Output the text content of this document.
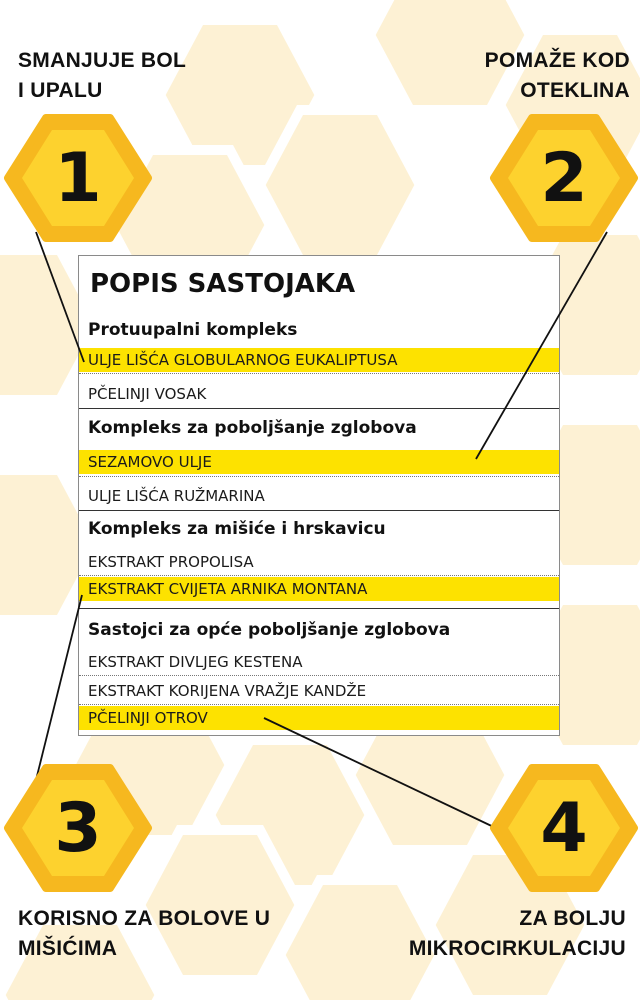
SMANJUJE BOL
I UPALU
POMAŽE KOD
OTEKLINA
KORISNO ZA BOLOVE U
MIŠIĆIMA
ZA BOLJU
MIKROCIRKULACIJU
1	2
3	4
POPIS SASTOJAKA
Protuupalni kompleks
ULJE LIŠĆA GLOBULARNOG EUKALIPTUSA
PČELINJI VOSAK
Kompleks za poboljšanje zglobova
SEZAMOVO ULJE
ULJE LIŠĆA RUŽMARINA
Kompleks za mišiće i hrskavicu
EKSTRAKT PROPOLISA
EKSTRAKT CVIJETA ARNIKA MONTANA
Sastojci za opće poboljšanje zglobova
EKSTRAKT DIVLJEG KESTENA
EKSTRAKT KORIJENA VRAŽJE KANDŽE
PČELINJI OTROV
